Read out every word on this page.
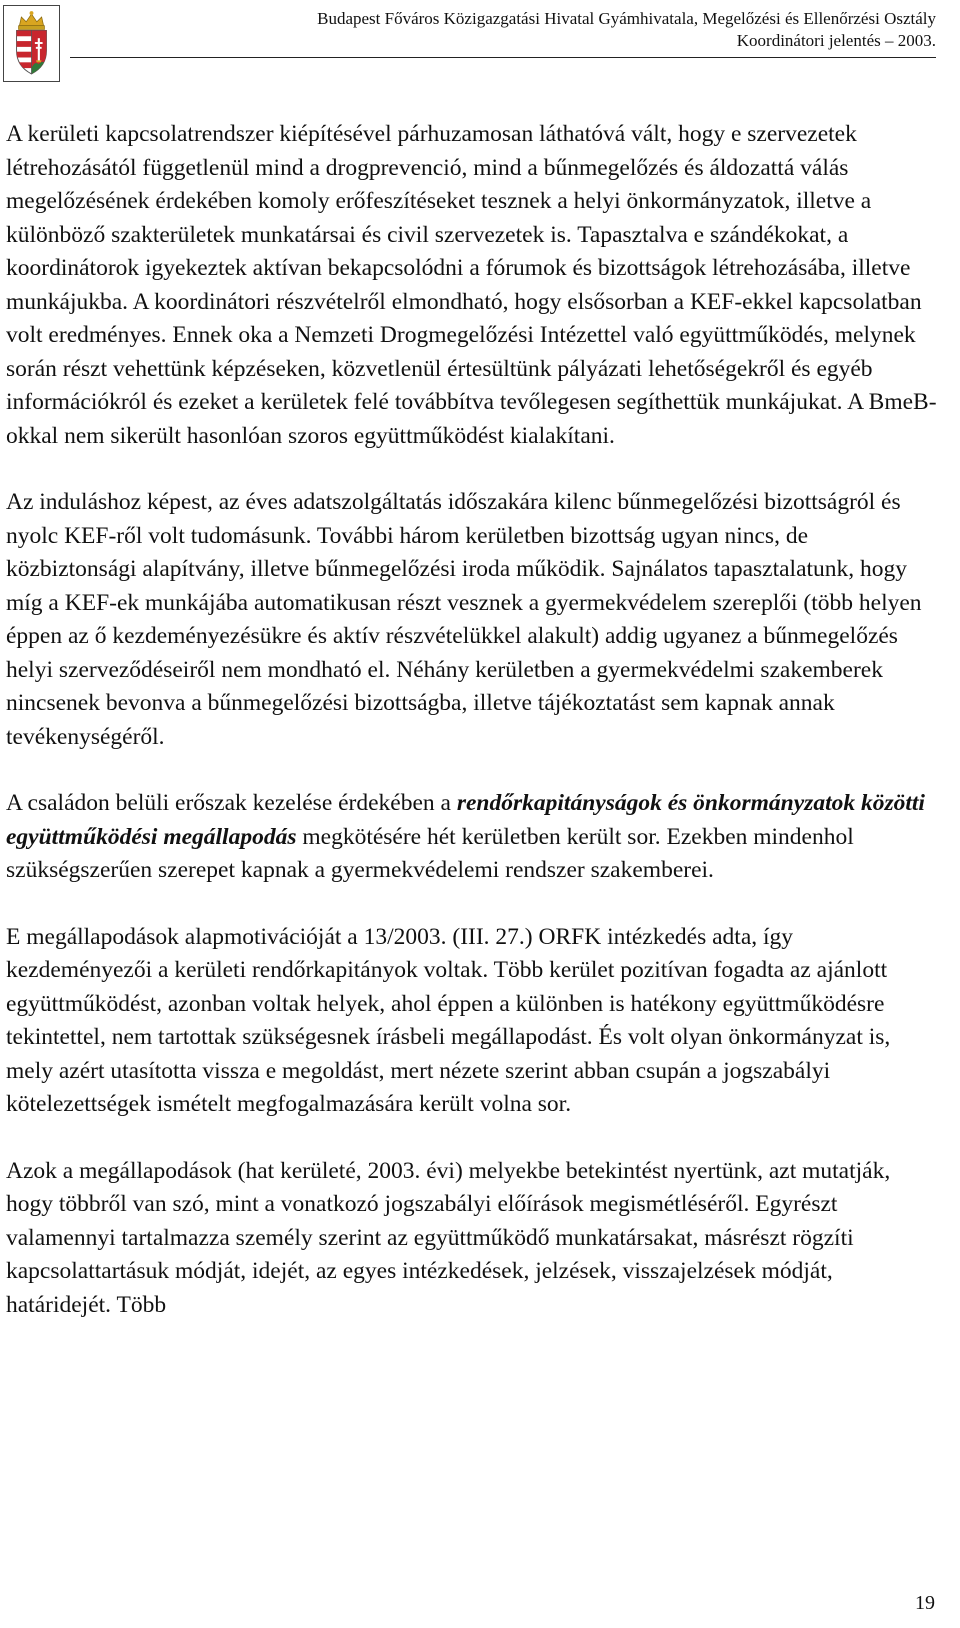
Budapest Főváros Közigazgatási Hivatal Gyámhivatala, Megelőzési és Ellenőrzési Osztály
Koordinátori jelentés – 2003.

A kerületi kapcsolatrendszer kiépítésével párhuzamosan láthatóvá vált, hogy e szervezetek létrehozásától függetlenül mind a drogprevenció, mind a bűnmegelőzés és áldozattá válás megelőzésének érdekében komoly erőfeszítéseket tesznek a helyi önkormányzatok, illetve a különböző szakterületek munkatársai és civil szervezetek is. Tapasztalva e szándékokat, a koordinátorok igyekeztek aktívan bekapcsolódni a fórumok és bizottságok létrehozásába, illetve munkájukba. A koordinátori részvételről elmondható, hogy elsősorban a KEF-ekkel kapcsolatban volt eredményes. Ennek oka a Nemzeti Drogmegelőzési Intézettel való együttműködés, melynek során részt vehettünk képzéseken, közvetlenül értesültünk pályázati lehetőségekről és egyéb információkról és ezeket a kerületek felé továbbítva tevőlegesen segíthettük munkájukat. A BmeB-okkal nem sikerült hasonlóan szoros együttműködést kialakítani.

Az induláshoz képest, az éves adatszolgáltatás időszakára kilenc bűnmegelőzési bizottságról és nyolc KEF-ről volt tudomásunk. További három kerületben bizottság ugyan nincs, de közbiztonsági alapítvány, illetve bűnmegelőzési iroda működik. Sajnálatos tapasztalatunk, hogy míg a KEF-ek munkájába automatikusan részt vesznek a gyermekvédelem szereplői (több helyen éppen az ő kezdeményezésükre és aktív részvételükkel alakult) addig ugyanez a bűnmegelőzés helyi szerveződéseiről nem mondható el. Néhány kerületben a gyermekvédelmi szakemberek nincsenek bevonva a bűnmegelőzési bizottságba, illetve tájékoztatást sem kapnak annak tevékenységéről.

A családon belüli erőszak kezelése érdekében a rendőrkapitányságok és önkormányzatok közötti együttműködési megállapodás megkötésére hét kerületben került sor. Ezekben mindenhol szükségszerűen szerepet kapnak a gyermekvédelemi rendszer szakemberei.

E megállapodások alapmotivációját a 13/2003. (III. 27.) ORFK intézkedés adta, így kezdeményezői a kerületi rendőrkapitányok voltak. Több kerület pozitívan fogadta az ajánlott együttműködést, azonban voltak helyek, ahol éppen a különben is hatékony együttműködésre tekintettel, nem tartottak szükségesnek írásbeli megállapodást. És volt olyan önkormányzat is, mely azért utasította vissza e megoldást, mert nézete szerint abban csupán a jogszabályi kötelezettségek ismételt megfogalmazására került volna sor.

Azok a megállapodások (hat kerületé, 2003. évi) melyekbe betekintést nyertünk, azt mutatják, hogy többről van szó, mint a vonatkozó jogszabályi előírások megismétléséről. Egyrészt valamennyi tartalmazza személy szerint az együttműködő munkatársakat, másrészt rögzíti kapcsolattartásuk módját, idejét, az egyes intézkedések, jelzések, visszajelzések módját, határidejét. Több

19
